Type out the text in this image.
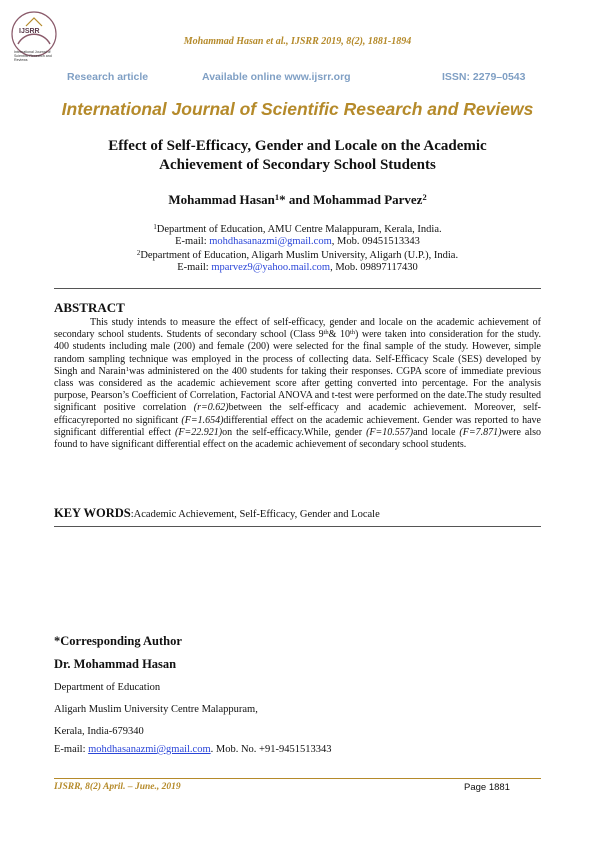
IJSRR
International Journal of
Scientific Research and
Reviews
Mohammad Hasan et al., IJSRR 2019, 8(2), 1881-1894
Research article	Available online www.ijsrr.org	ISSN: 2279–0543
International Journal of Scientific Research and Reviews
Effect of Self-Efficacy, Gender and Locale on the Academic
Achievement of Secondary School Students
Mohammad Hasan$^1$* and Mohammad Parvez$^2$
$^1$Department of Education, AMU Centre Malappuram, Kerala, India.
E-mail: mohdhasanazmi@gmail.com, Mob. 09451513343
$^2$Department of Education, Aligarh Muslim University, Aligarh (U.P.), India.
E-mail: mparvez9@yahoo.mail.com, Mob. 09897117430
ABSTRACT

This study intends to measure the effect of self-efficacy, gender and locale on the academic achievement of secondary school students. Students of secondary school (Class 9th& 10th) were taken into consideration for the study. 400 students including male (200) and female (200) were selected for the final sample of the study. However, simple random sampling technique was employed in the process of collecting data. Self-Efficacy Scale (SES) developed by Singh and Narain$^1$was administered on the 400 students for taking their responses. CGPA score of immediate previous class was considered as the academic achievement score after getting converted into percentage. For the analysis purpose, Pearson’s Coefficient of Correlation, Factorial ANOVA and t-test were performed on the date.The study resulted significant positive correlation (r=0.62)between the self-efficacy and academic achievement. Moreover, self-efficacyreported no significant (F=1.654)differential effect on the academic achievement. Gender was reported to have significant differential effect (F=22.921)on the self-efficacy.While, gender (F=10.557)and locale (F=7.871)were also found to have significant differential effect on the academic achievement of secondary school students.

KEY WORDS:Academic Achievement, Self-Efficacy, Gender and Locale
*Corresponding Author
Dr. Mohammad Hasan
Department of Education
Aligarh Muslim University Centre Malappuram,
Kerala, India-679340
E-mail: mohdhasanazmi@gmail.com. Mob. No. +91-9451513343
IJSRR, 8(2) April. – June., 2019	Page 1881
